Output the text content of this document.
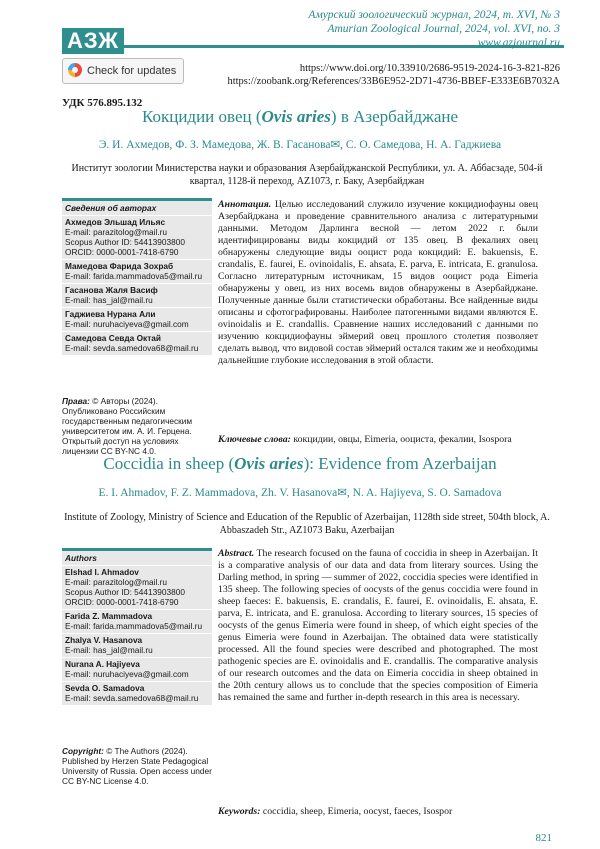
АЗЖ
Амурский зоологический журнал, 2024, т. XVI, № 3
Amurian Zoological Journal, 2024, vol. XVI, no. 3
www.azjournal.ru
Check for updates	https://www.doi.org/10.33910/2686-9519-2024-16-3-821-826
https://zoobank.org/References/33B6E952-2D71-4736-BBEF-E333E6B7032A
УДК 576.895.132
Кокцидии овец (Ovis aries) в Азербайджане
Э. И. Ахмедов, Ф. З. Мамедова, Ж. В. Гасанова✉, С. О. Самедова, Н. А. Гаджиева
Институт зоологии Министерства науки и образования Азербайджанской Республики, ул. А. Аббасзаде, 504-й квартал, 1128-й переход, AZ1073, г. Баку, Азербайджан
Сведения об авторах
Ахмедов Эльшад Ильяс
E-mail: parazitolog@mail.ru
Scopus Author ID: 54413903800
ORCID: 0000-0001-7418-6790
Мамедова Фарида Зохраб
E-mail: farida.mammadova5@mail.ru
Гасанова Жаля Васиф
E-mail: has_jal@mail.ru
Гаджиева Нурана Али
E-mail: nuruhaciyeva@gmail.com
Самедова Севда Октай
E-mail: sevda.samedova68@mail.ru
Права: © Авторы (2024). Опубликовано Российским государственным педагогическим университетом им. А. И. Герцена. Открытый доступ на условиях лицензии CC BY-NC 4.0.
Аннотация. Целью исследований служило изучение кокцидиофауны овец Азербайджана и проведение сравнительного анализа с литературными данными. Методом Дарлинга весной — летом 2022 г. были идентифицированы виды кокцидий от 135 овец. В фекалиях овец обнаружены следующие виды ооцист рода кокцидий: E. bakuensis, E. crandalis, E. faurei, E. ovinoidalis, E. ahsata, E. parva, E. intricata, E. granulosa. Согласно литературным источникам, 15 видов ооцист рода Eimeria обнаружены у овец, из них восемь видов обнаружены в Азербайджане. Полученные данные были статистически обработаны. Все найденные виды описаны и сфотографированы. Наиболее патогенными видами являются E. ovinoidalis и E. crandallis. Сравнение наших исследований с данными по изучению кокцидиофауны эймерий овец прошлого столетия позволяет сделать вывод, что видовой состав эймерий остался таким же и необходимы дальнейшие глубокие исследования в этой области.
Ключевые слова: кокцидии, овцы, Eimeria, ооциста, фекалии, Isospora
Coccidia in sheep (Ovis aries): Evidence from Azerbaijan
E. I. Ahmadov, F. Z. Mammadova, Zh. V. Hasanova✉, N. A. Hajiyeva, S. O. Samadova
Institute of Zoology, Ministry of Science and Education of the Republic of Azerbaijan, 1128th side street, 504th block, A. Abbaszadeh Str., AZ1073 Baku, Azerbaijan
Authors
Elshad I. Ahmadov
E-mail: parazitolog@mail.ru
Scopus Author ID: 54413903800
ORCID: 0000-0001-7418-6790
Farida Z. Mammadova
E-mail: farida.mammadova5@mail.ru
Zhalya V. Hasanova
E-mail: has_jal@mail.ru
Nurana A. Hajiyeva
E-mail: nuruhaciyeva@gmail.com
Sevda O. Samadova
E-mail: sevda.samedova68@mail.ru
Copyright: © The Authors (2024). Published by Herzen State Pedagogical University of Russia. Open access under CC BY-NC License 4.0.
Abstract. The research focused on the fauna of coccidia in sheep in Azerbaijan. It is a comparative analysis of our data and data from literary sources. Using the Darling method, in spring — summer of 2022, coccidia species were identified in 135 sheep. The following species of oocysts of the genus coccidia were found in sheep faeces: E. bakuensis, E. crandalis, E. faurei, E. ovinoidalis, E. ahsata, E. parva, E. intricata, and E. granulosa. According to literary sources, 15 species of oocysts of the genus Eimeria were found in sheep, of which eight species of the genus Eimeria were found in Azerbaijan. The obtained data were statistically processed. All the found species were described and photographed. The most pathogenic species are E. ovinoidalis and E. crandallis. The comparative analysis of our research outcomes and the data on Eimeria coccidia in sheep obtained in the 20th century allows us to conclude that the species composition of Eimeria has remained the same and further in-depth research in this area is necessary.
Keywords: coccidia, sheep, Eimeria, oocyst, faeces, Isospor
821
